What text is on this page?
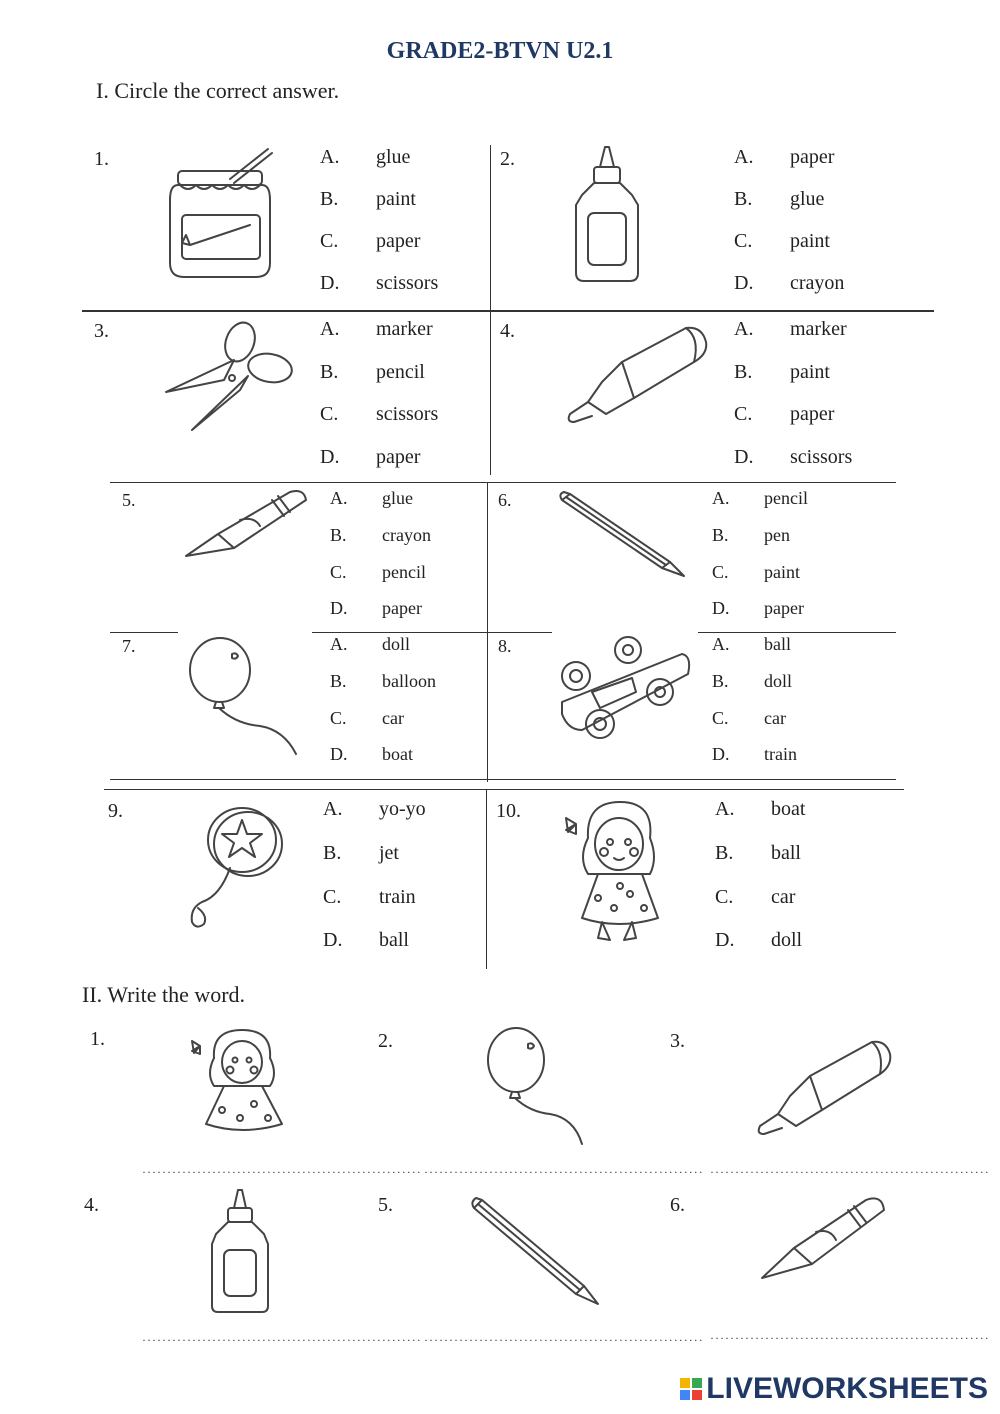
GRADE2-BTVN U2.1
I. Circle the correct answer.
1.	A. glue
B. paint
C. paper
D. scissors
2.	A. paper
B. glue
C. paint
D. crayon
3.	A. marker
B. pencil
C. scissors
D. paper
4.	A. marker
B. paint
C. paper
D. scissors
5.	A. glue
B. crayon
C. pencil
D. paper
6.	A. pencil
B. pen
C. paint
D. paper
7.	A. doll
B. balloon
C. car
D. boat
8.	A. ball
B. doll
C. car
D. train
9.	A. yo-yo
B. jet
C. train
D. ball
10.	A. boat
B. ball
C. car
D. doll
II. Write the word.
1.
························································
2.
························································
3.
························································
4.
························································
5.
························································
6.
························································
LIVEWORKSHEETS
